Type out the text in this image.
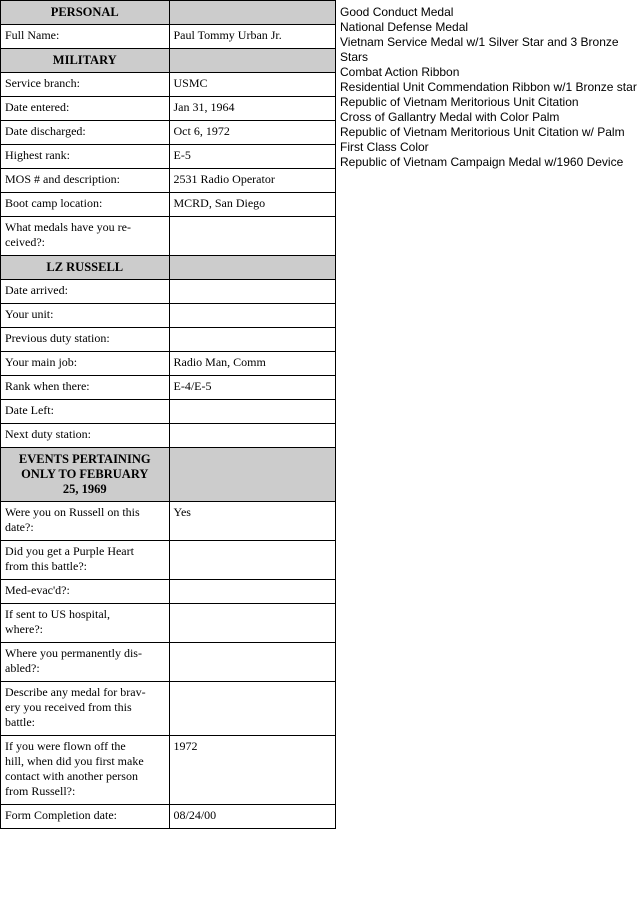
PERSONAL	
Full Name:	Paul Tommy Urban Jr.
MILITARY	
Service branch:	USMC
Date entered:	Jan 31, 1964
Date discharged:	Oct 6, 1972
Highest rank:	E-5
MOS # and description:	2531 Radio Operator
Boot camp location:	MCRD, San Diego
What medals have you re-
ceived?:	
LZ RUSSELL	
Date arrived:	
Your unit:	
Previous duty station:	
Your main job:	Radio Man, Comm
Rank when there:	E-4/E-5
Date Left:	
Next duty station:	
EVENTS PERTAINING
ONLY TO FEBRUARY
25, 1969	
Were you on Russell on this
date?:	Yes
Did you get a Purple Heart
from this battle?:	
Med-evac'd?:	
If sent to US hospital,
where?:	
Where you permanently dis-
abled?:	
Describe any medal for brav-
ery you received from this
battle:	
If you were flown off the
hill, when did you first make
contact with another person
from Russell?:	1972
Form Completion date:	08/24/00
Good Conduct Medal
National Defense Medal
Vietnam Service Medal w/1 Silver Star and 3 Bronze Stars
Combat Action Ribbon
Residential Unit Commendation Ribbon w/1 Bronze star
Republic of Vietnam Meritorious Unit Citation
Cross of Gallantry Medal with Color Palm
Republic of Vietnam Meritorious Unit Citation w/ Palm First Class Color
Republic of Vietnam Campaign Medal w/1960 Device
